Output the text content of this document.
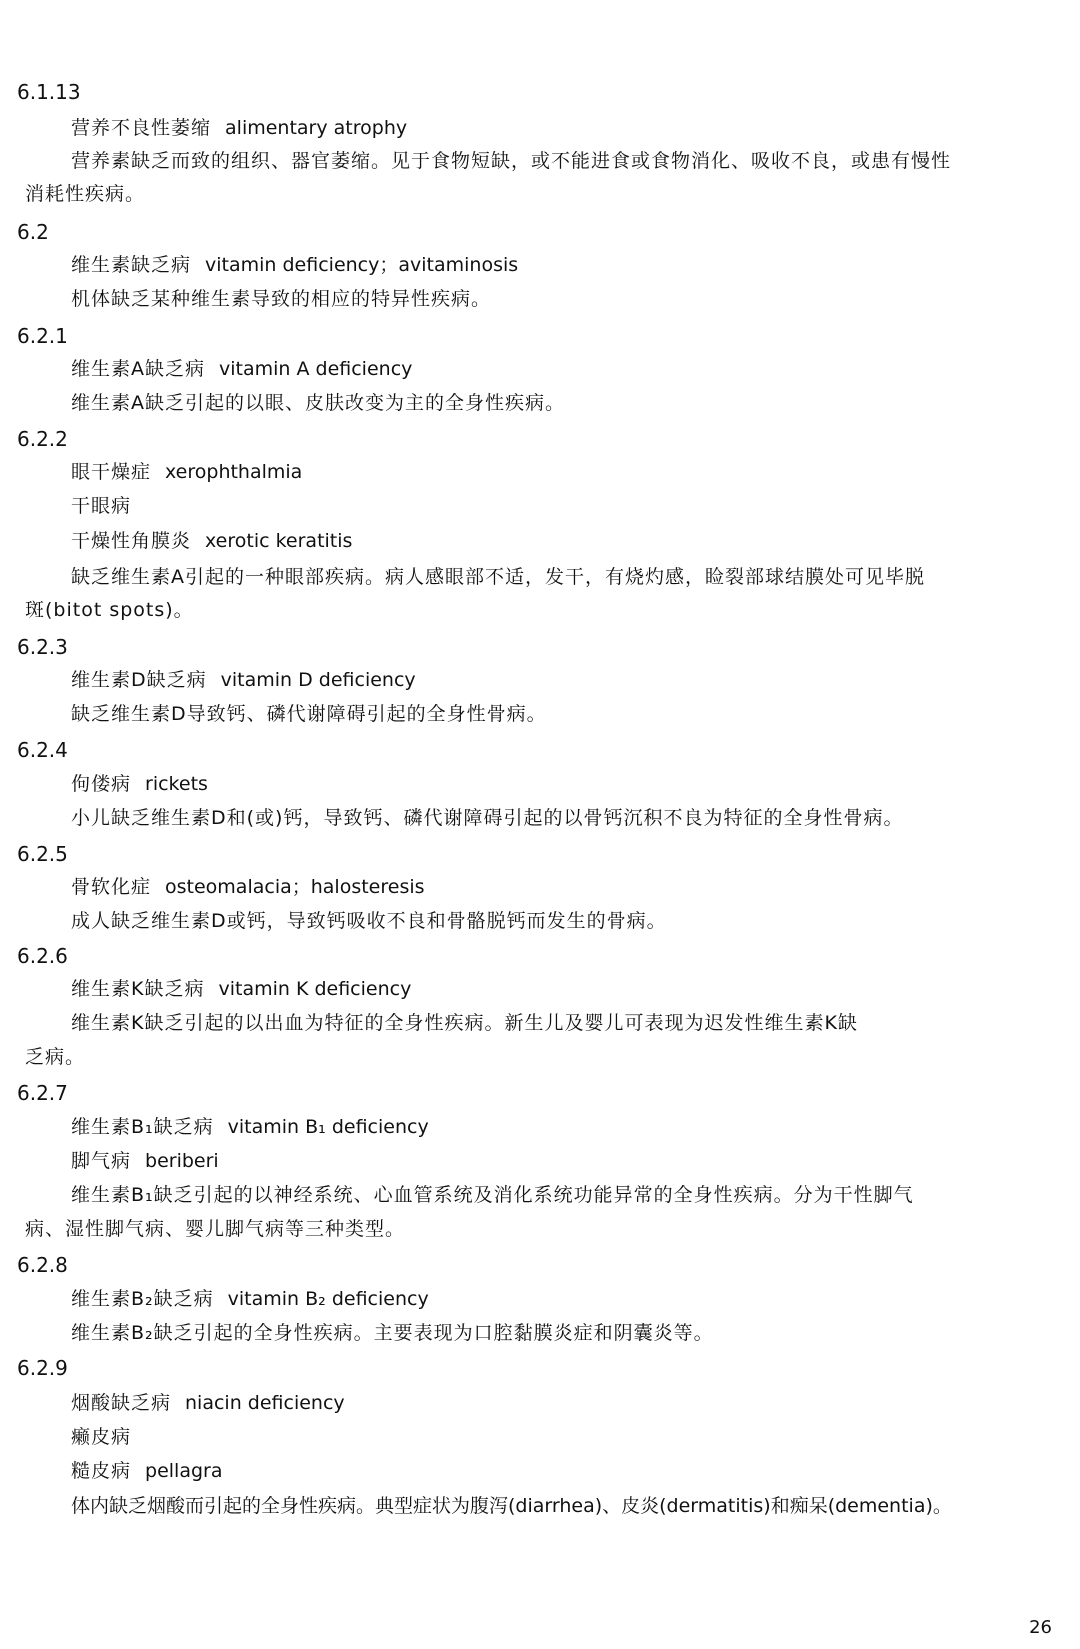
6.1.13
营养不良性萎缩 alimentary atrophy
营养素缺乏而致的组织、器官萎缩。见于食物短缺，或不能进食或食物消化、吸收不良，或患有慢性
消耗性疾病。
6.2
维生素缺乏病 vitamin deficiency；avitaminosis
机体缺乏某种维生素导致的相应的特异性疾病。
6.2.1
维生素A缺乏病 vitamin A deficiency
维生素A缺乏引起的以眼、皮肤改变为主的全身性疾病。
6.2.2
眼干燥症 xerophthalmia
干眼病
干燥性角膜炎 xerotic keratitis
缺乏维生素A引起的一种眼部疾病。病人感眼部不适，发干，有烧灼感，睑裂部球结膜处可见毕脱
斑(bitot spots)。
6.2.3
维生素D缺乏病 vitamin D deficiency
缺乏维生素D导致钙、磷代谢障碍引起的全身性骨病。
6.2.4
佝偻病 rickets
小儿缺乏维生素D和(或)钙，导致钙、磷代谢障碍引起的以骨钙沉积不良为特征的全身性骨病。
6.2.5
骨软化症 osteomalacia；halosteresis
成人缺乏维生素D或钙，导致钙吸收不良和骨骼脱钙而发生的骨病。
6.2.6
维生素K缺乏病 vitamin K deficiency
维生素K缺乏引起的以出血为特征的全身性疾病。新生儿及婴儿可表现为迟发性维生素K缺
乏病。
6.2.7
维生素B₁缺乏病 vitamin B₁ deficiency
脚气病 beriberi
维生素B₁缺乏引起的以神经系统、心血管系统及消化系统功能异常的全身性疾病。分为干性脚气
病、湿性脚气病、婴儿脚气病等三种类型。
6.2.8
维生素B₂缺乏病 vitamin B₂ deficiency
维生素B₂缺乏引起的全身性疾病。主要表现为口腔黏膜炎症和阴囊炎等。
6.2.9
烟酸缺乏病 niacin deficiency
癞皮病
糙皮病 pellagra
体内缺乏烟酸而引起的全身性疾病。典型症状为腹泻(diarrhea)、皮炎(dermatitis)和痴呆(dementia)。
26
